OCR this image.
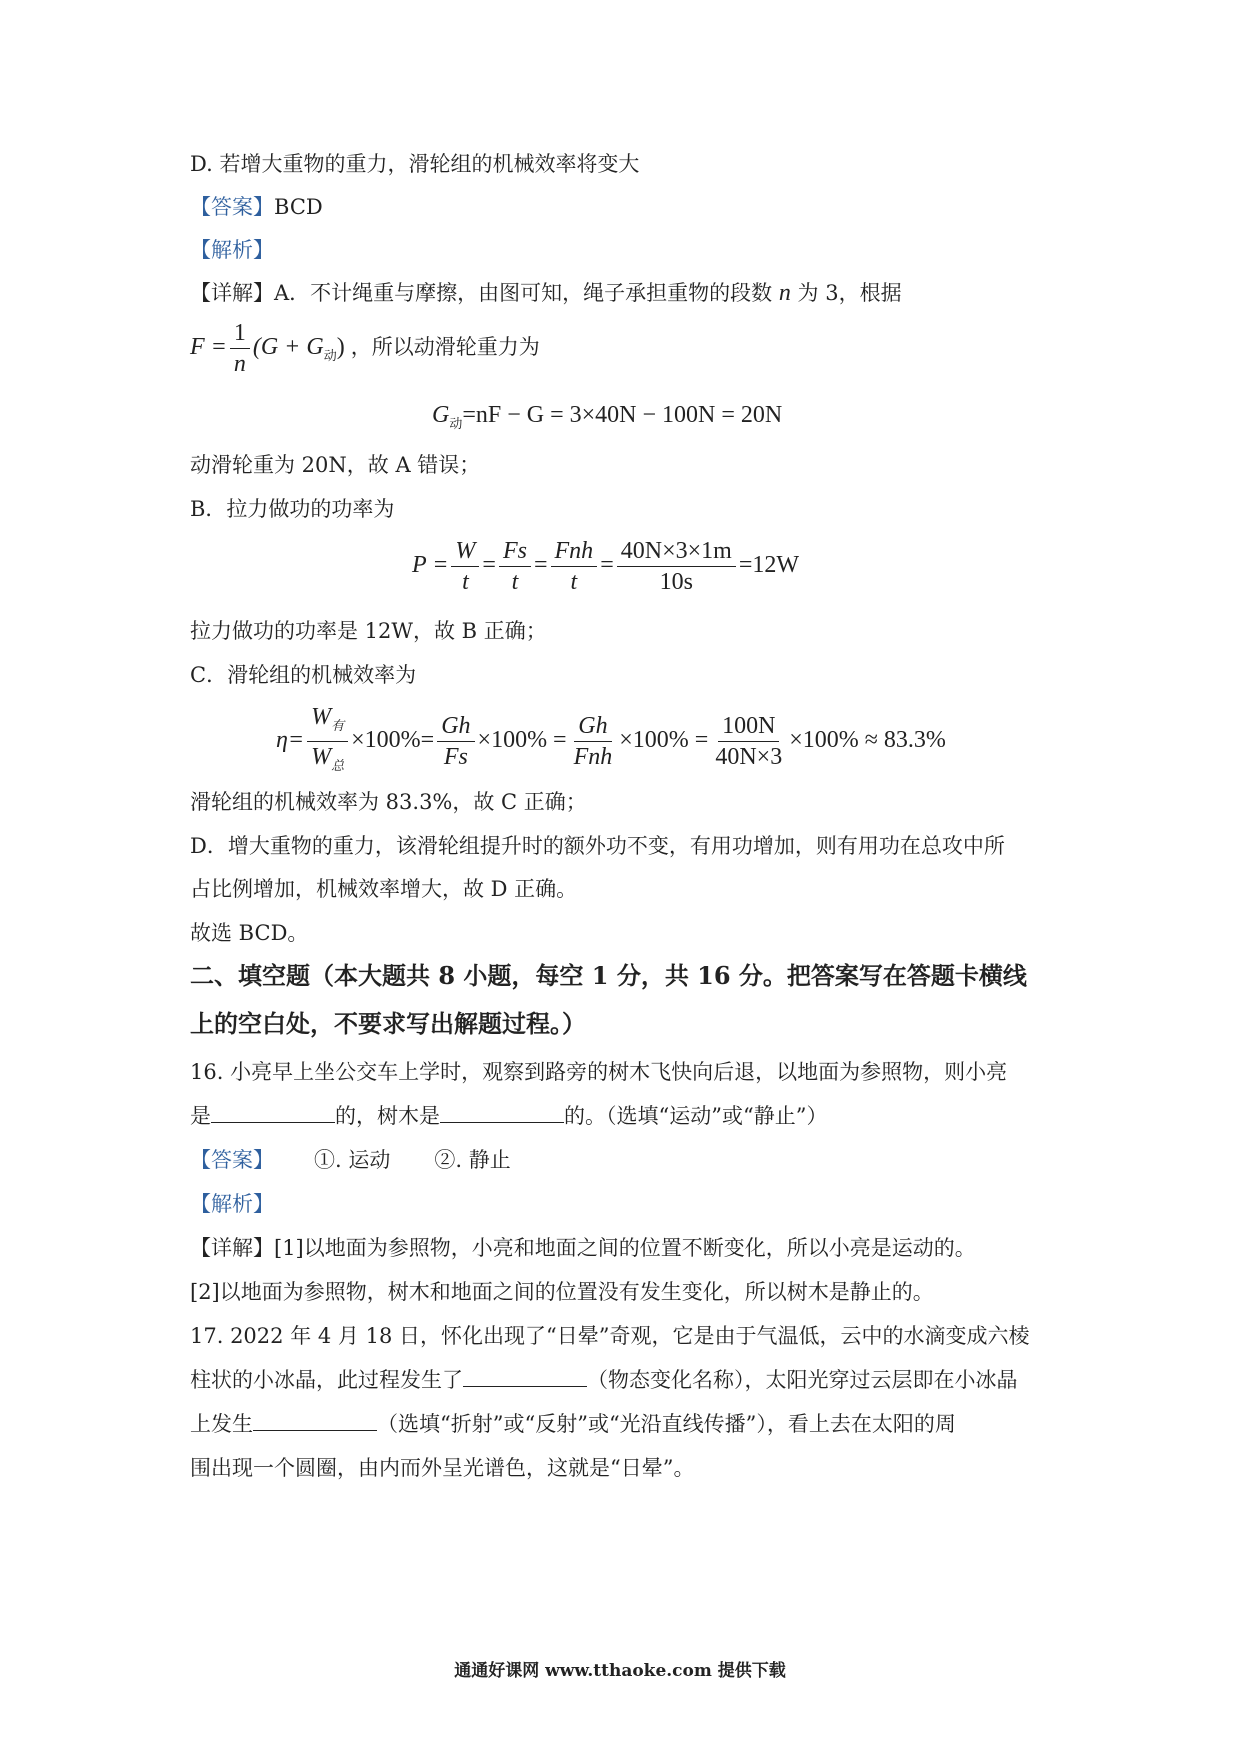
D. 若增大重物的重力，滑轮组的机械效率将变大
【答案】BCD
【解析】
【详解】A．不计绳重与摩擦，由图可知，绳子承担重物的段数 n 为 3，根据
$F = \frac{1}{n} (G + G_动)$ ，所以动滑轮重力为
$G_动=nF - G = 3\times 40N - 100N = 20N$
动滑轮重为 20N，故 A 错误；
B．拉力做功的功率为
$P = \frac{W}{t} = \frac{Fs}{t} = \frac{\text{Fnh}}{t} = \frac{40N\times 3\times 1m}{10s} =12W$
拉力做功的功率是 12W，故 B 正确；
C．滑轮组的机械效率为
$\eta= \frac{W_有}{W_总} \times 100\%= \frac{Gh}{Fs} \times 100\% = \frac{Gh}{\text{Fnh}} \times 100\% = \frac{100N}{40N\times 3} \times 100\% \approx 83.3\%$
滑轮组的机械效率为 83.3%，故 C 正确；
D．增大重物的重力，该滑轮组提升时的额外功不变，有用功增加，则有用功在总攻中所
占比例增加，机械效率增大，故 D 正确。
故选 BCD。
二、填空题（本大题共 8 小题，每空 1 分，共 16 分。把答案写在答题卡横线
上的空白处，不要求写出解题过程。）
16. 小亮早上坐公交车上学时，观察到路旁的树木飞快向后退，以地面为参照物，则小亮
是	的，树木是	的。（选填“运动”或“静止”）
【答案】 ①. 运动 ②. 静止
【解析】
【详解】[1]以地面为参照物，小亮和地面之间的位置不断变化，所以小亮是运动的。
[2]以地面为参照物，树木和地面之间的位置没有发生变化，所以树木是静止的。
17. 2022 年 4 月 18 日，怀化出现了“日晕”奇观，它是由于气温低，云中的水滴变成六棱
柱状的小冰晶，此过程发生了	（物态变化名称），太阳光穿过云层即在小冰晶
上发生	（选填“折射”或“反射”或“光沿直线传播”），看上去在太阳的周
围出现一个圆圈，由内而外呈光谱色，这就是“日晕”。
通通好课网 www.tthaoke.com 提供下载
